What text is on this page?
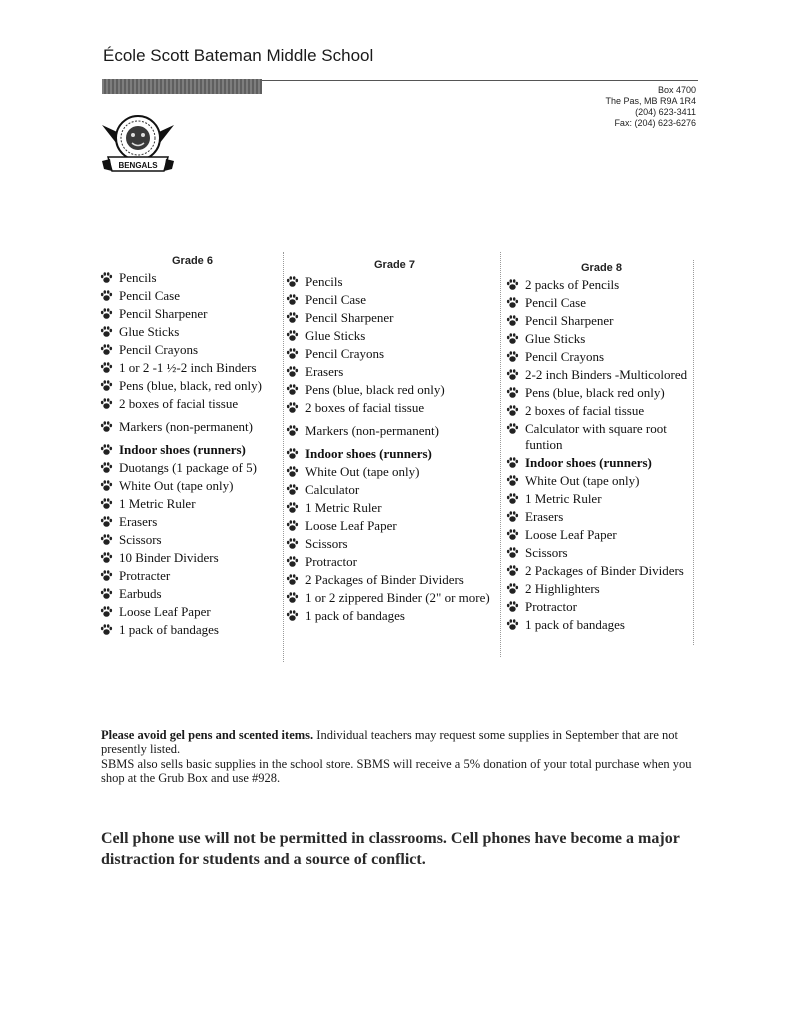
École Scott Bateman Middle School
Box 4700
The Pas, MB R9A 1R4
(204) 623-3411
Fax: (204) 623-6276
BENGALS
Grade 6
Pencils
Pencil Case
Pencil Sharpener
Glue Sticks
Pencil Crayons
1 or 2 -1 ½-2 inch Binders
Pens (blue, black, red only)
2 boxes of facial tissue
Markers (non-permanent)
Indoor shoes (runners)
Duotangs (1 package of 5)
White Out (tape only)
1 Metric Ruler
Erasers
Scissors
10 Binder Dividers
Protracter
Earbuds
Loose Leaf Paper
1 pack of bandages
Grade 7
Pencils
Pencil Case
Pencil Sharpener
Glue Sticks
Pencil Crayons
Erasers
Pens (blue, black red only)
2 boxes of facial tissue
Markers (non-permanent)
Indoor shoes (runners)
White Out (tape only)
Calculator
1 Metric Ruler
Loose Leaf Paper
Scissors
Protractor
2 Packages of Binder Dividers
1 or 2 zippered Binder (2" or more)
1 pack of bandages
Grade 8
2 packs of Pencils
Pencil Case
Pencil Sharpener
Glue Sticks
Pencil Crayons
2-2 inch Binders -Multicolored
Pens (blue, black red only)
2 boxes of facial tissue
Calculator with square root funtion
Indoor shoes (runners)
White Out (tape only)
1 Metric Ruler
Erasers
Loose Leaf Paper
Scissors
2 Packages of Binder Dividers
2 Highlighters
Protractor
1 pack of bandages

Please avoid gel pens and scented items. Individual teachers may request some supplies in September that are not presently listed.

SBMS also sells basic supplies in the school store. SBMS will receive a 5% donation of your total purchase when you shop at the Grub Box and use #928.

Cell phone use will not be permitted in classrooms. Cell phones have become a major distraction for students and a source of conflict.
